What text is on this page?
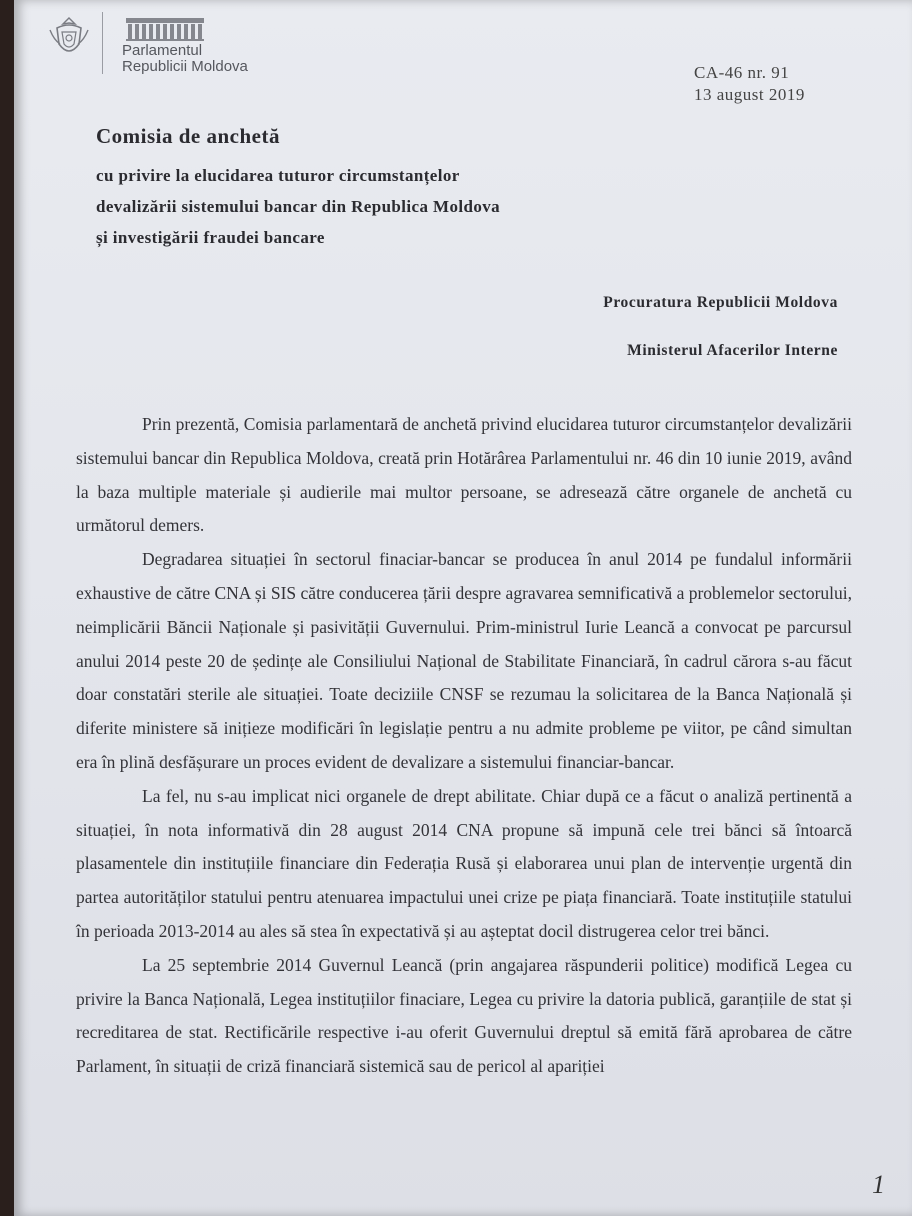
Parlamentul
Republicii Moldova	CA-46 nr. 91
13 august 2019
Comisia de anchetă
cu privire la elucidarea tuturor circumstanțelor
devalizării sistemului bancar din Republica Moldova
și investigării fraudei bancare
Procuratura Republicii Moldova
Ministerul Afacerilor Interne

Prin prezentă, Comisia parlamentară de anchetă privind elucidarea tuturor circumstanțelor devalizării sistemului bancar din Republica Moldova, creată prin Hotărârea Parlamentului nr. 46 din 10 iunie 2019, având la baza multiple materiale și audierile mai multor persoane, se adresează către organele de anchetă cu următorul demers.

Degradarea situației în sectorul finaciar-bancar se producea în anul 2014 pe fundalul informării exhaustive de către CNA și SIS către conducerea țării despre agravarea semnificativă a problemelor sectorului, neimplicării Băncii Naționale și pasivității Guvernului. Prim-ministrul Iurie Leancă a convocat pe parcursul anului 2014 peste 20 de ședințe ale Consiliului Național de Stabilitate Financiară, în cadrul cărora s-au făcut doar constatări sterile ale situației. Toate deciziile CNSF se rezumau la solicitarea de la Banca Națională și diferite ministere să inițieze modificări în legislație pentru a nu admite probleme pe viitor, pe când simultan era în plină desfășurare un proces evident de devalizare a sistemului financiar-bancar.

La fel, nu s-au implicat nici organele de drept abilitate. Chiar după ce a făcut o analiză pertinentă a situației, în nota informativă din 28 august 2014 CNA propune să impună cele trei bănci să întoarcă plasamentele din instituțiile financiare din Federația Rusă și elaborarea unui plan de intervenție urgentă din partea autorităților statului pentru atenuarea impactului unei crize pe piața financiară. Toate instituțiile statului în perioada 2013-2014 au ales să stea în expectativă și au așteptat docil distrugerea celor trei bănci.

La 25 septembrie 2014 Guvernul Leancă (prin angajarea răspunderii politice) modifică Legea cu privire la Banca Națională, Legea instituțiilor finaciare, Legea cu privire la datoria publică, garanțiile de stat și recreditarea de stat. Rectificările respective i-au oferit Guvernului dreptul să emită fără aprobarea de către Parlament, în situații de criză financiară sistemică sau de pericol al apariției

1
